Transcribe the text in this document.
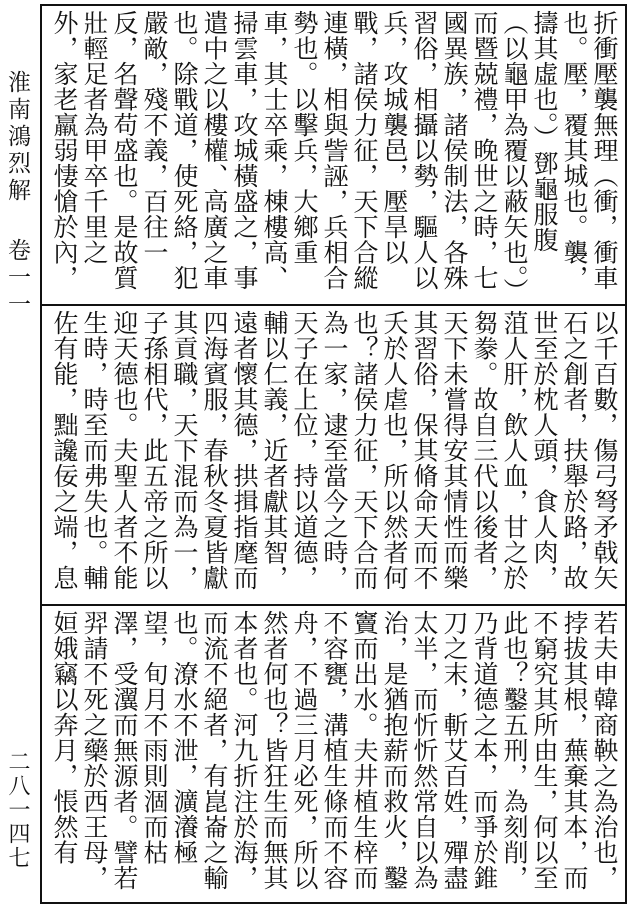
淮南鴻烈解 卷一一
二八一四七
折衝壓襲無理（衝，衝車也。壓，覆其城也。襲，擣其虛也。）鄧龜服腹（以龜甲為覆以蔽矢也。）而暨兢禮，晚世之時，七國異族，諸侯制法，各殊習俗，相攝以勢，驅人以兵，攻城襲邑，壓旱以戰，諸侯力征，天下合縱連橫，相與訾誣，兵相合勢也。以擊兵，大鄉重車，其士卒乘，棟樓高、掃雲車，攻城橫盛之，事遣中之以樓權、高廣之車也。除戰道，使死絡，犯嚴敵，殘不義，百往一反，名聲苟盛也。是故質壯輕足者為甲卒千里之外，家老羸弱悽愴於內，
以千百數，傷弓弩矛戟矢石之創者，扶舉於路，故世至於枕人頭，食人肉，菹人肝，飲人血，甘之於芻豢。故自三代以後者，天下未嘗得安其情性而樂其習俗，保其脩命天而不夭於人虐也，所以然者何也？諸侯力征，天下合而為一家，逮至當今之時，天子在上位，持以道德，輔以仁義，近者獻其智，遠者懷其德，拱揖指麾而四海賓服，春秋冬夏皆獻其貢職，天下混而為一，子孫相代，此五帝之所以迎天德也。夫聖人者不能生時，時至而弗失也。輔佐有能，黜讒佞之端，息
若夫申韓商鞅之為治也，挬拔其根，蕪棄其本，而不窮究其所由生，何以至此也？鑿五刑，為刻削，乃背道德之本，而爭於錐刀之末，斬艾百姓，殫盡太半，而忻忻然常自以為治，是猶抱薪而救火，鑿竇而出水。夫井植生梓而不容甕，溝植生條而不容舟，不過三月必死，所以然者何也？皆狂生而無其本者也。河九折注於海，而流不絕者，有崑崙之輸也。潦水不泄，瀇瀁極望，旬月不雨則涸而枯澤，受瀷而無源者。譬若羿請不死之藥於西王母，姮娥竊以奔月，悵然有
